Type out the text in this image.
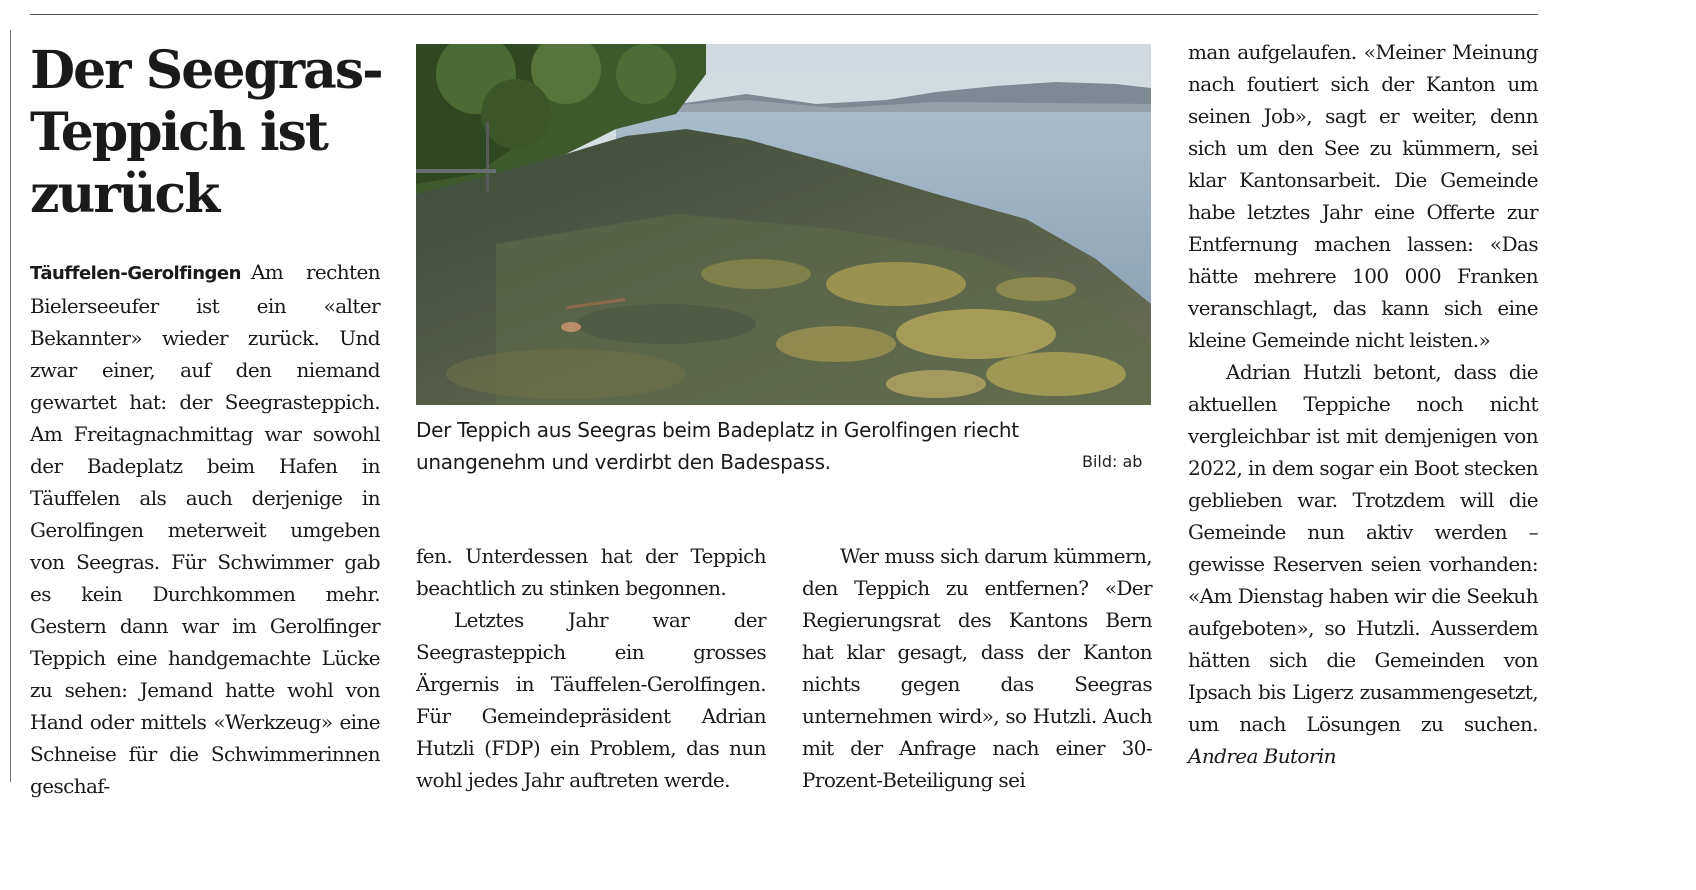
Der Seegras-Teppich ist zurück
Täuffelen-Gerolfingen Am rechten Bielerseeufer ist ein «alter Bekannter» wieder zurück. Und zwar einer, auf den niemand gewartet hat: der Seegrasteppich. Am Freitagnachmittag war sowohl der Badeplatz beim Hafen in Täuffelen als auch derjenige in Gerolfingen meterweit umgeben von Seegras. Für Schwimmer gab es kein Durchkommen mehr. Gestern dann war im Gerolfinger Teppich eine handgemachte Lücke zu sehen: Jemand hatte wohl von Hand oder mittels «Werkzeug» eine Schneise für die Schwimmerinnen geschaf-

Der Teppich aus Seegras beim Badeplatz in Gerolfingen riecht unangenehm und verdirbt den Badespass.	Bild: ab

fen. Unterdessen hat der Teppich beachtlich zu stinken begonnen.

Letztes Jahr war der Seegrasteppich ein grosses Ärgernis in Täuffelen-Gerolfingen. Für Gemeindepräsident Adrian Hutzli (FDP) ein Problem, das nun wohl jedes Jahr auftreten werde.

Wer muss sich darum kümmern, den Teppich zu entfernen? «Der Regierungsrat des Kantons Bern hat klar gesagt, dass der Kanton nichts gegen das Seegras unternehmen wird», so Hutzli. Auch mit der Anfrage nach einer 30-Prozent-Beteiligung sei

man aufgelaufen. «Meiner Meinung nach foutiert sich der Kanton um seinen Job», sagt er weiter, denn sich um den See zu kümmern, sei klar Kantonsarbeit. Die Gemeinde habe letztes Jahr eine Offerte zur Entfernung machen lassen: «Das hätte mehrere 100 000 Franken veranschlagt, das kann sich eine kleine Gemeinde nicht leisten.»

Adrian Hutzli betont, dass die aktuellen Teppiche noch nicht vergleichbar ist mit demjenigen von 2022, in dem sogar ein Boot stecken geblieben war. Trotzdem will die Gemeinde nun aktiv werden – gewisse Reserven seien vorhanden: «Am Dienstag haben wir die Seekuh aufgeboten», so Hutzli. Ausserdem hätten sich die Gemeinden von Ipsach bis Ligerz zusammengesetzt, um nach Lösungen zu suchen. Andrea Butorin
